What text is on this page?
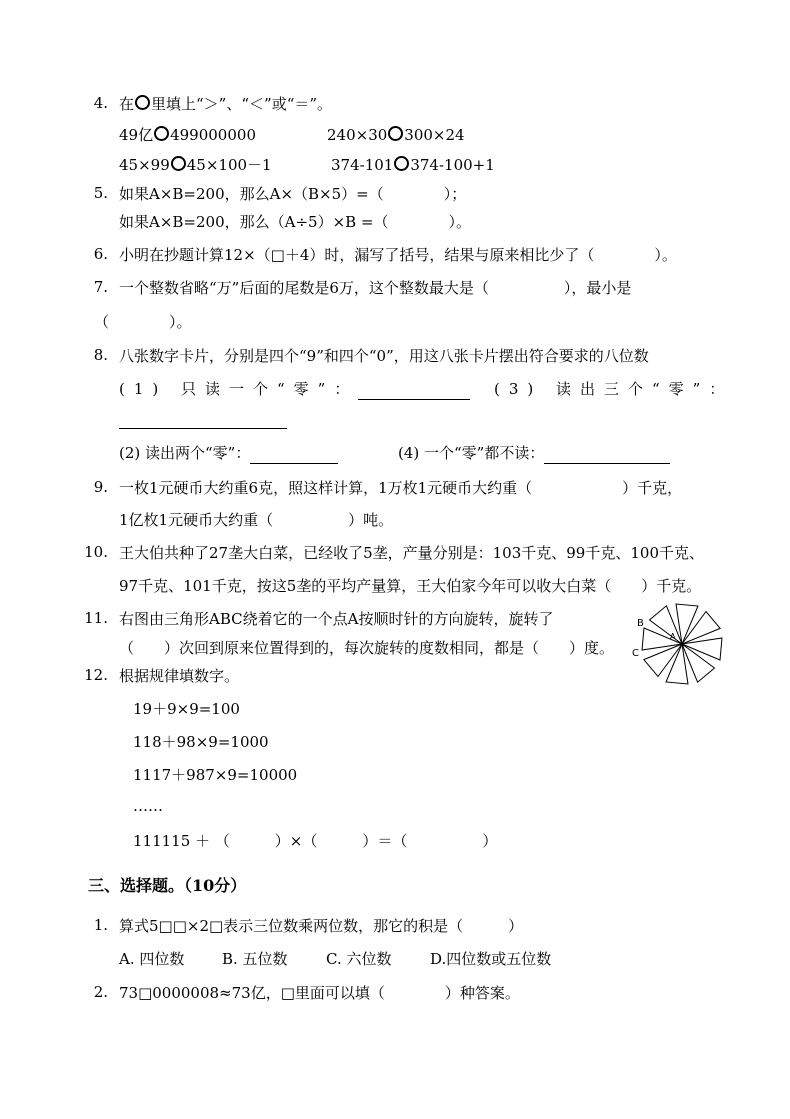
4. 在 里填上“＞”、“＜”或“＝”。
49亿 499000000	240×30 300×24
45×99 45×100－1	374-101 374-100+1
5. 如果A×B=200，那么A×（B×5）=（　　　　）；
如果A×B=200，那么（A÷5）×B =（　　　　）。
6. 小明在抄题计算12×（□＋4）时，漏写了括号，结果与原来相比少了（　　　　）。
7. 一个整数省略“万”后面的尾数是6万，这个整数最大是（　　　　　），最小是
（　　　　）。
8. 八张数字卡片，分别是四个“9”和四个“0”，用这八张卡片摆出符合要求的八位数
(1) 只读一个“零”：	(3) 读出三个“零”：

(2) 读出两个“零”：	(4) 一个“零”都不读：
9. 一枚1元硬币大约重6克，照这样计算，1万枚1元硬币大约重（　　　　　　）千克，
1亿枚1元硬币大约重（　　　　　）吨。
10. 王大伯共种了27垄大白菜，已经收了5垄，产量分别是：103千克、99千克、100千克、
97千克、101千克，按这5垄的平均产量算，王大伯家今年可以收大白菜（　　）千克。
11. 右图由三角形ABC绕着它的一个点A按顺时针的方向旋转，旋转了
（　　）次回到原来位置得到的，每次旋转的度数相同，都是（　　）度。
B
C
A
12. 根据规律填数字。
19＋9×9=100
118＋98×9=1000
1117＋987×9=10000
……
111115 ＋ （　　　）×（　　　）＝（　　　　　）
三、选择题。（10分）
1. 算式5□□×2□表示三位数乘两位数，那它的积是（　　　）
A. 四位数	B. 五位数	C. 六位数	D.四位数或五位数
2. 73□0000008≈73亿，□里面可以填（　　　　）种答案。
